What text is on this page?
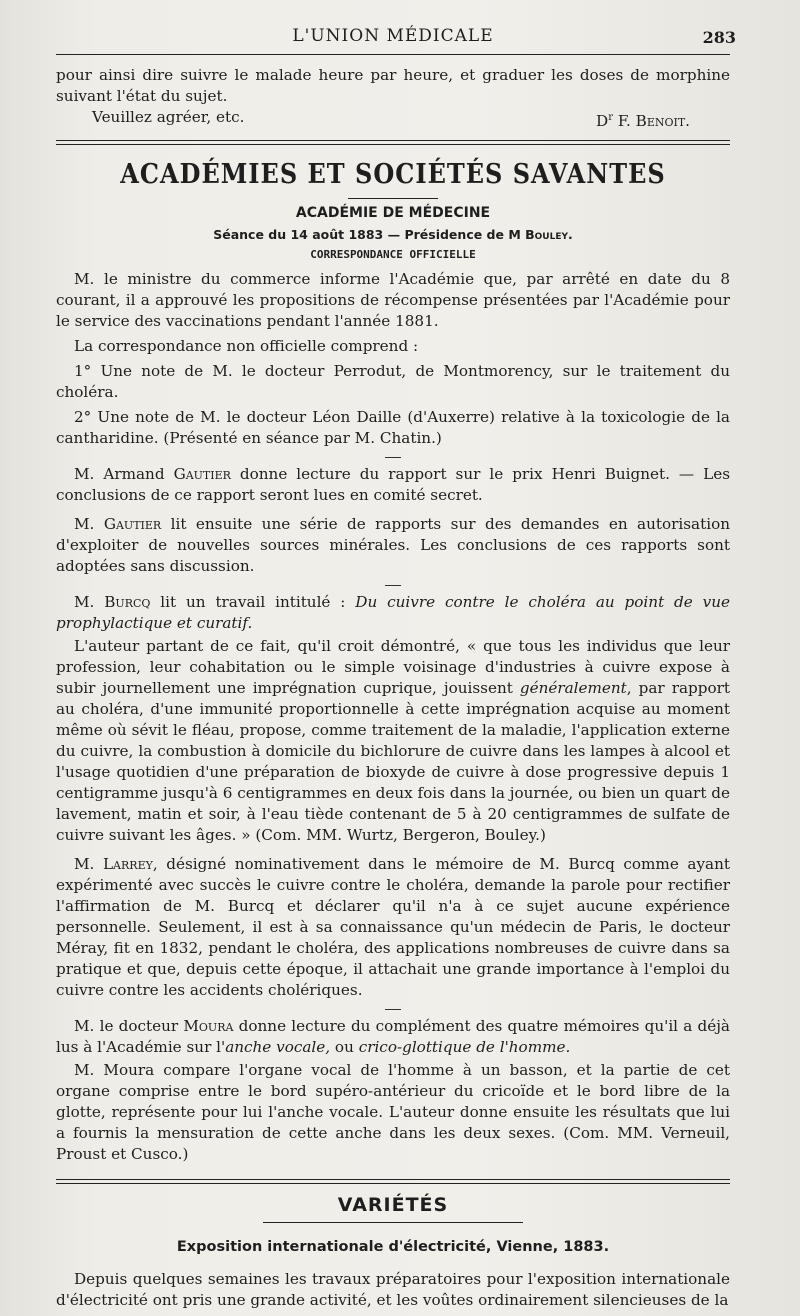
L'UNION MÉDICALE	283

pour ainsi dire suivre le malade heure par heure, et graduer les doses de morphine suivant l'état du sujet.

Veuillez agréer, etc.	$D^r$ F. Benoit.
ACADÉMIES ET SOCIÉTÉS SAVANTES
ACADÉMIE DE MÉDECINE
Séance du 14 août 1883 — Présidence de M Bouley.
CORRESPONDANCE OFFICIELLE

M. le ministre du commerce informe l'Académie que, par arrêté en date du 8 courant, il a approuvé les propositions de récompense présentées par l'Académie pour le service des vaccinations pendant l'année 1881.

La correspondance non officielle comprend :

1° Une note de M. le docteur Perrodut, de Montmorency, sur le traitement du choléra.

2° Une note de M. le docteur Léon Daille (d'Auxerre) relative à la toxicologie de la cantharidine. (Présenté en séance par M. Chatin.)

M. Armand Gautier donne lecture du rapport sur le prix Henri Buignet. — Les conclusions de ce rapport seront lues en comité secret.

M. Gautier lit ensuite une série de rapports sur des demandes en autorisation d'exploiter de nouvelles sources minérales. Les conclusions de ces rapports sont adoptées sans discussion.

M. Burcq lit un travail intitulé : Du cuivre contre le choléra au point de vue prophylactique et curatif.

L'auteur partant de ce fait, qu'il croit démontré, « que tous les individus que leur profession, leur cohabitation ou le simple voisinage d'industries à cuivre expose à subir journellement une imprégnation cuprique, jouissent généralement, par rapport au choléra, d'une immunité proportionnelle à cette imprégnation acquise au moment même où sévit le fléau, propose, comme traitement de la maladie, l'application externe du cuivre, la combustion à domicile du bichlorure de cuivre dans les lampes à alcool et l'usage quotidien d'une préparation de bioxyde de cuivre à dose progressive depuis 1 centigramme jusqu'à 6 centigrammes en deux fois dans la journée, ou bien un quart de lavement, matin et soir, à l'eau tiède contenant de 5 à 20 centigrammes de sulfate de cuivre suivant les âges. » (Com. MM. Wurtz, Bergeron, Bouley.)

M. Larrey, désigné nominativement dans le mémoire de M. Burcq comme ayant expérimenté avec succès le cuivre contre le choléra, demande la parole pour rectifier l'affirmation de M. Burcq et déclarer qu'il n'a à ce sujet aucune expérience personnelle. Seulement, il est à sa connaissance qu'un médecin de Paris, le docteur Méray, fit en 1832, pendant le choléra, des applications nombreuses de cuivre dans sa pratique et que, depuis cette époque, il attachait une grande importance à l'emploi du cuivre contre les accidents cholériques.

M. le docteur Moura donne lecture du complément des quatre mémoires qu'il a déjà lus à l'Académie sur l'anche vocale, ou crico-glottique de l'homme.

M. Moura compare l'organe vocal de l'homme à un basson, et la partie de cet organe comprise entre le bord supéro-antérieur du cricoïde et le bord libre de la glotte, représente pour lui l'anche vocale. L'auteur donne ensuite les résultats que lui a fournis la mensuration de cette anche dans les deux sexes. (Com. MM. Verneuil, Proust et Cusco.)

VARIÉTÉS
Exposition internationale d'électricité, Vienne, 1883.

Depuis quelques semaines les travaux préparatoires pour l'exposition internationale d'électricité ont pris une grande activité, et les voûtes ordinairement silencieuses de la
